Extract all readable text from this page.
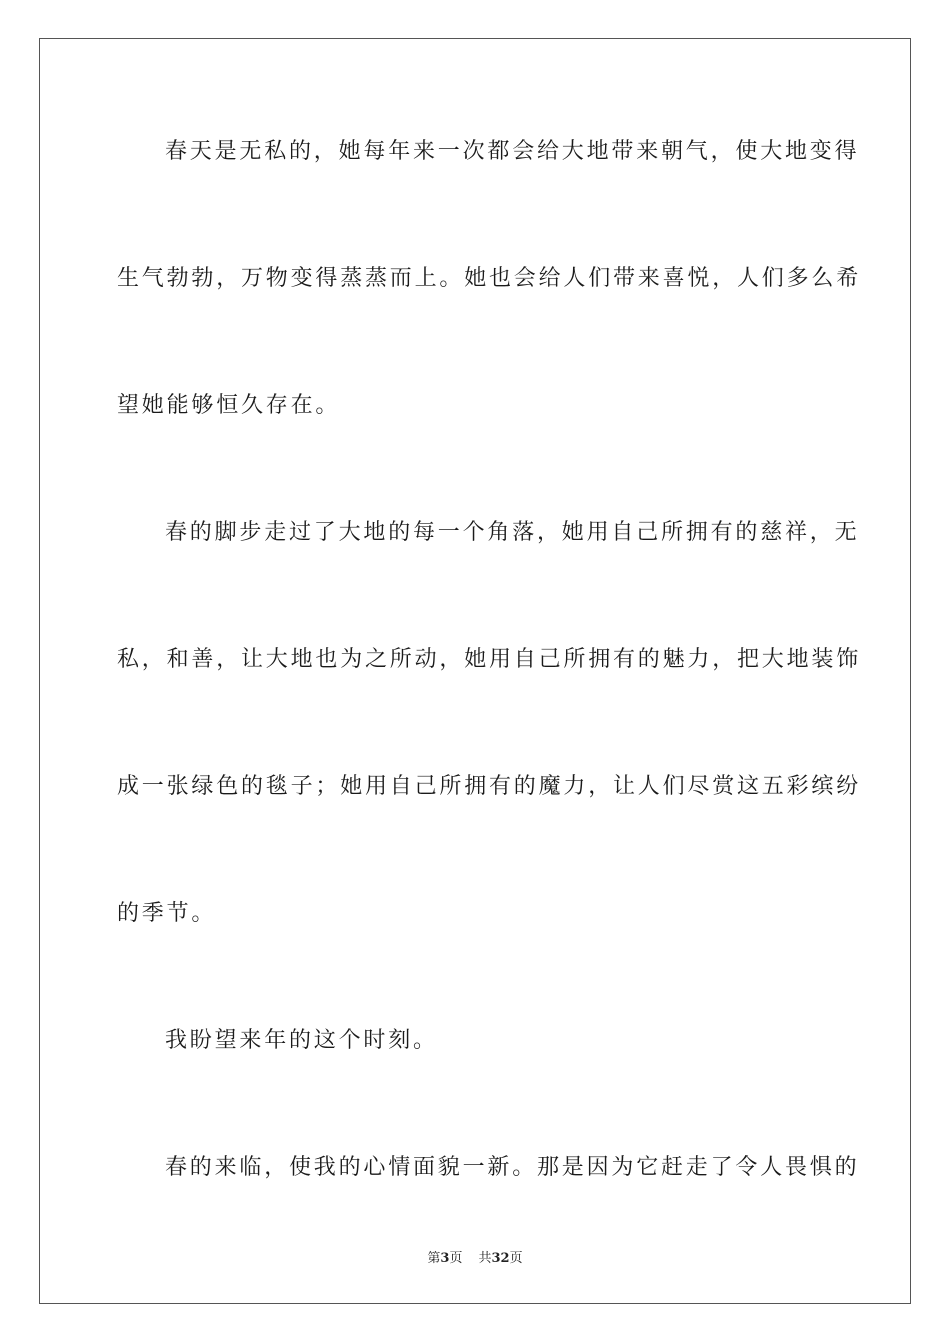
春天是无私的，她每年来一次都会给大地带来朝气，使大地变得
生气勃勃，万物变得蒸蒸而上。她也会给人们带来喜悦，人们多么希
望她能够恒久存在。
春的脚步走过了大地的每一个角落，她用自己所拥有的慈祥，无
私，和善，让大地也为之所动，她用自己所拥有的魅力，把大地装饰
成一张绿色的毯子；她用自己所拥有的魔力，让人们尽赏这五彩缤纷
的季节。
我盼望来年的这个时刻。
春的来临，使我的心情面貌一新。那是因为它赶走了令人畏惧的
第3页 共32页
